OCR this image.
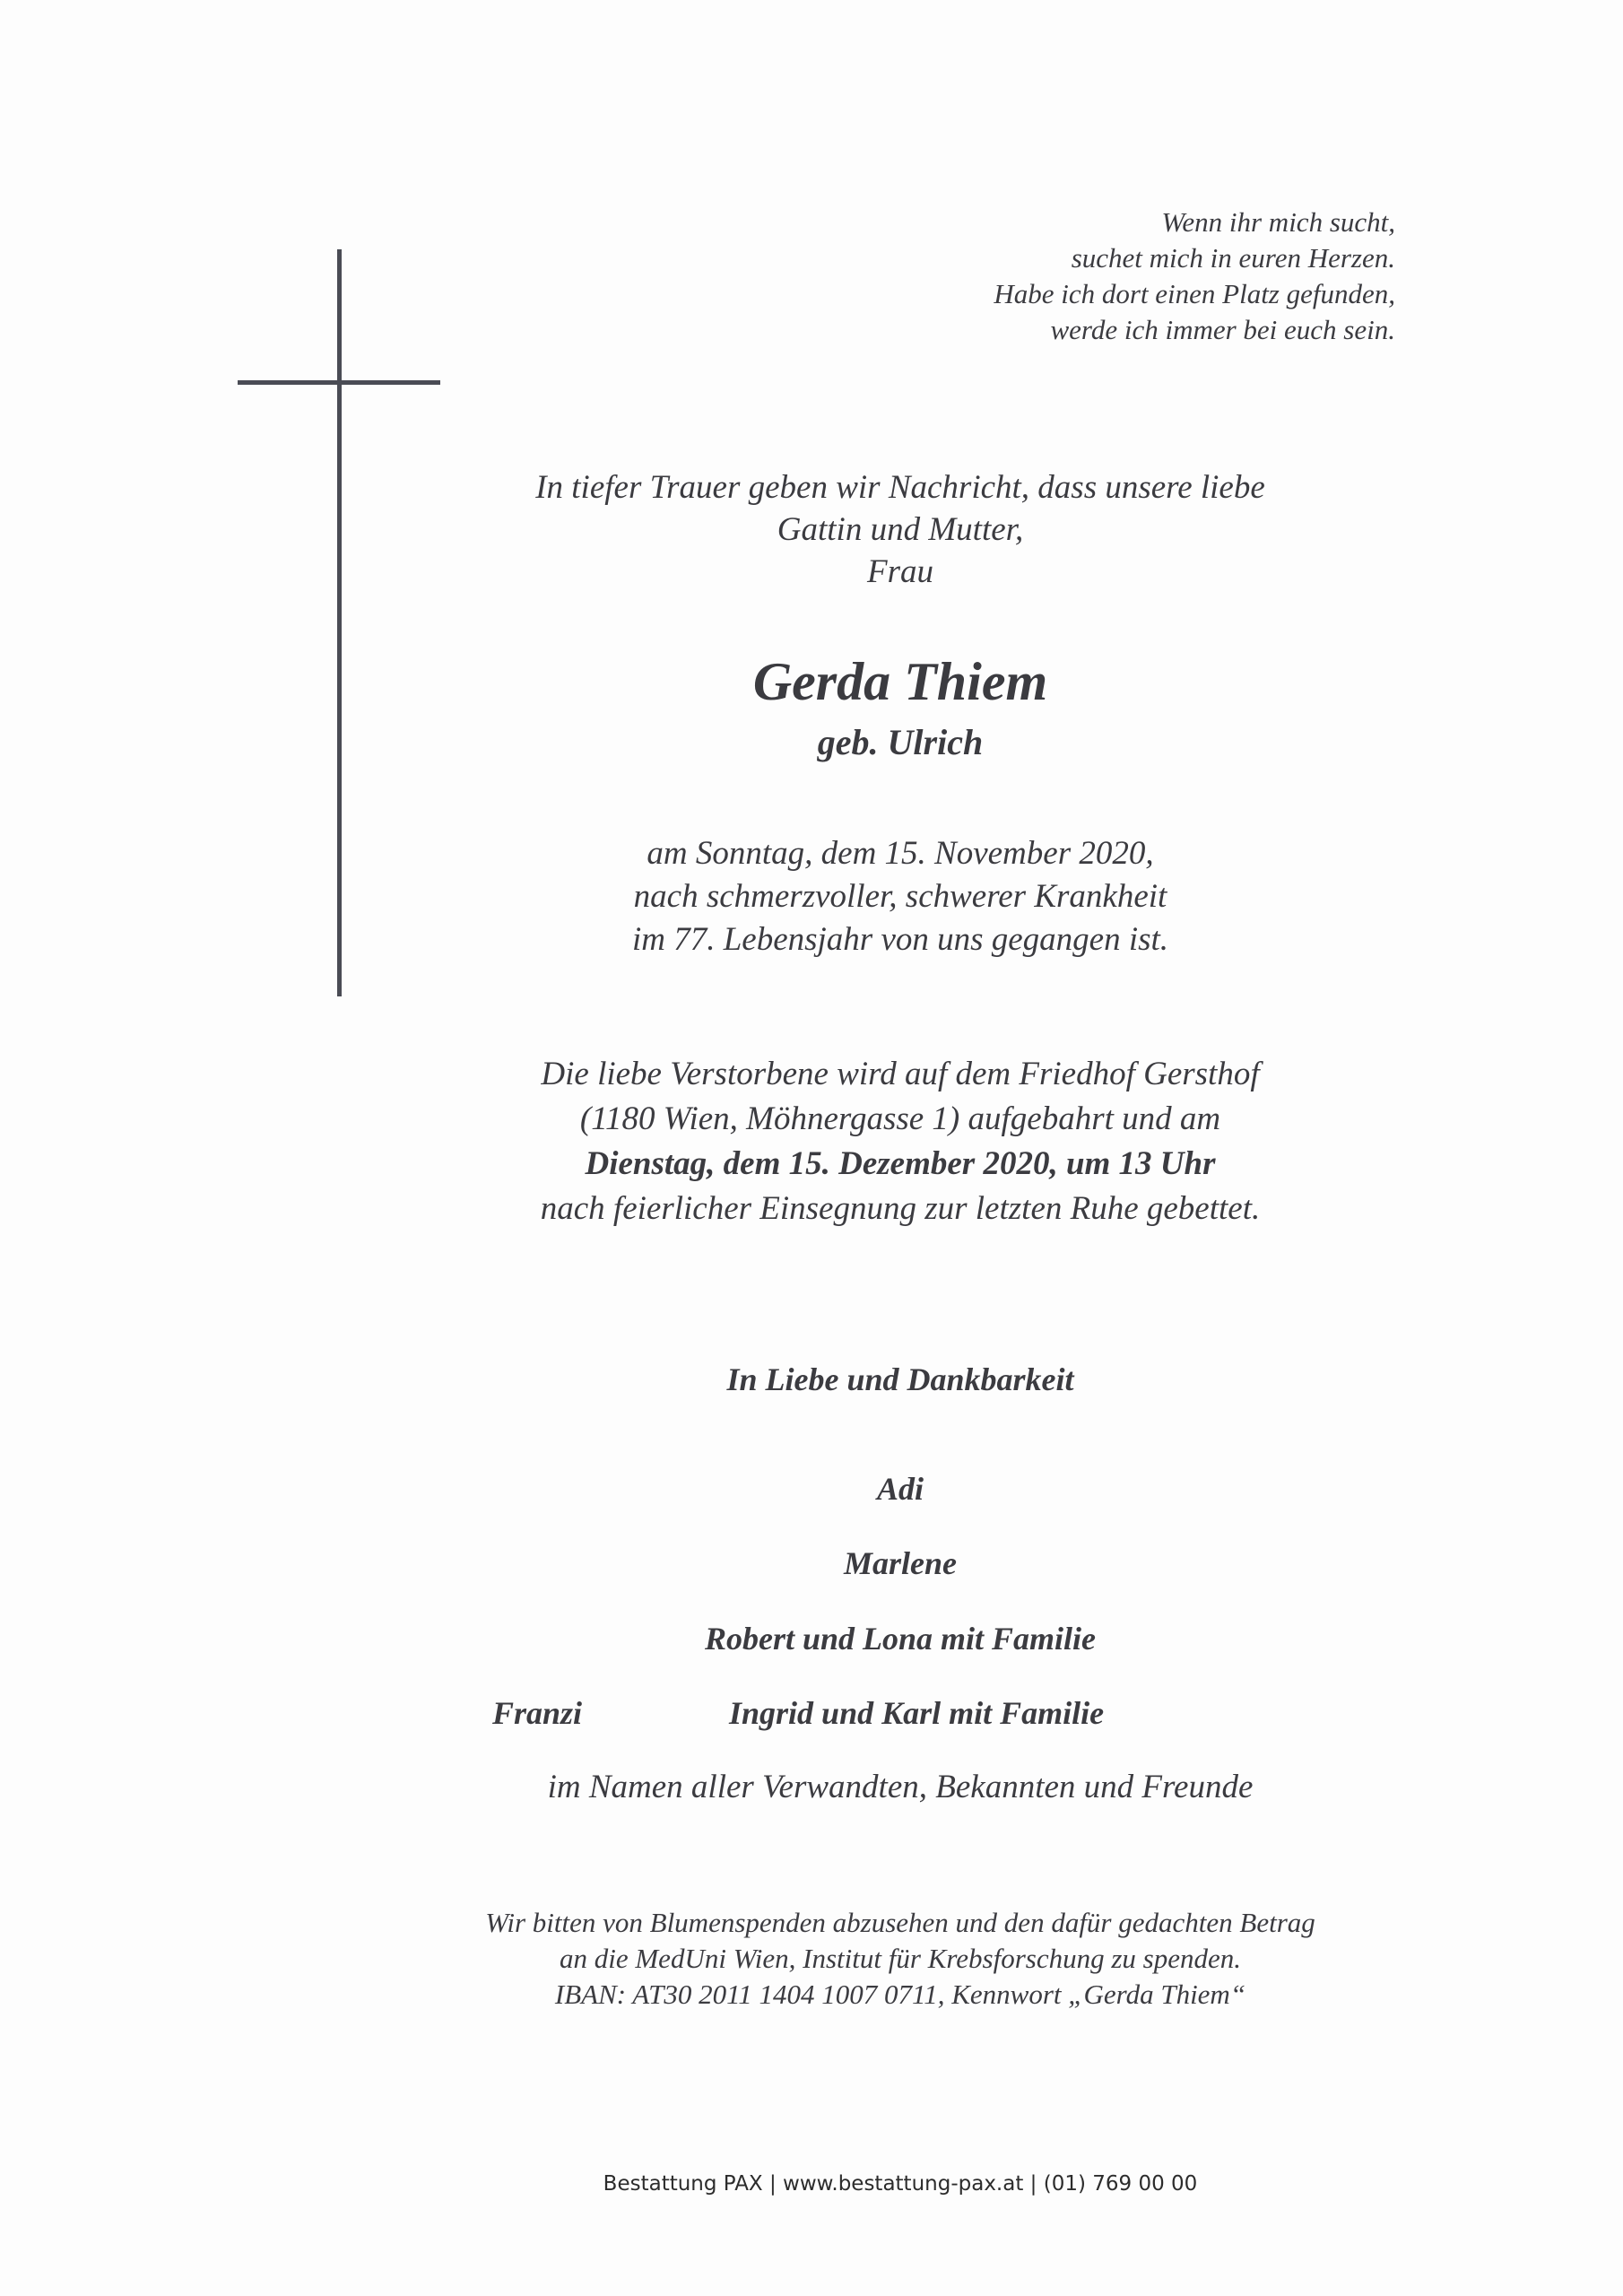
Wenn ihr mich sucht,
suchet mich in euren Herzen.
Habe ich dort einen Platz gefunden,
werde ich immer bei euch sein.
In tiefer Trauer geben wir Nachricht, dass unsere liebe
Gattin und Mutter,
Frau
Gerda Thiem
geb. Ulrich
am Sonntag, dem 15. November 2020,
nach schmerzvoller, schwerer Krankheit
im 77. Lebensjahr von uns gegangen ist.
Die liebe Verstorbene wird auf dem Friedhof Gersthof
(1180 Wien, Möhnergasse 1) aufgebahrt und am
Dienstag, dem 15. Dezember 2020, um 13 Uhr
nach feierlicher Einsegnung zur letzten Ruhe gebettet.
In Liebe und Dankbarkeit
Adi
Marlene
Robert und Lona mit Familie
Franzi	Ingrid und Karl mit Familie
im Namen aller Verwandten, Bekannten und Freunde
Wir bitten von Blumenspenden abzusehen und den dafür gedachten Betrag
an die MedUni Wien, Institut für Krebsforschung zu spenden.
IBAN: AT30 2011 1404 1007 0711, Kennwort „Gerda Thiem“
Bestattung PAX | www.bestattung-pax.at | (01) 769 00 00
